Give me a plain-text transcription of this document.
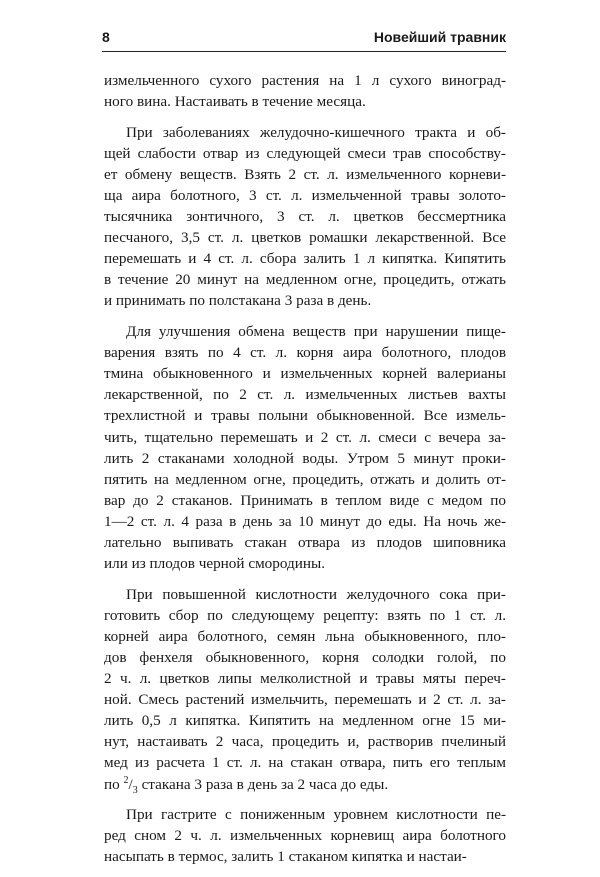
8	Новейший травник
измельченного сухого растения на 1 л сухого виноград-
ного вина. Настаивать в течение месяца.
При заболеваниях желудочно-кишечного тракта и об-
щей слабости отвар из следующей смеси трав способству-
ет обмену веществ. Взять 2 ст. л. измельченного корневи-
ща аира болотного, 3 ст. л. измельченной травы золото-
тысячника зонтичного, 3 ст. л. цветков бессмертника
песчаного, 3,5 ст. л. цветков ромашки лекарственной. Все
перемешать и 4 ст. л. сбора залить 1 л кипятка. Кипятить
в течение 20 минут на медленном огне, процедить, отжать
и принимать по полстакана 3 раза в день.
Для улучшения обмена веществ при нарушении пище-
варения взять по 4 ст. л. корня аира болотного, плодов
тмина обыкновенного и измельченных корней валерианы
лекарственной, по 2 ст. л. измельченных листьев вахты
трехлистной и травы полыни обыкновенной. Все измель-
чить, тщательно перемешать и 2 ст. л. смеси с вечера за-
лить 2 стаканами холодной воды. Утром 5 минут прoки-
пятить на медленном огне, процедить, отжать и долить от-
вар до 2 стаканов. Принимать в теплом виде с медом по
1—2 ст. л. 4 раза в день за 10 минут до еды. На ночь же-
лательно выпивать стакан отвара из плодов шиповника
или из плодов черной смородины.
При повышенной кислотности желудочного сока при-
готовить сбор по следующему рецепту: взять по 1 ст. л.
корней аира болотного, семян льна обыкновенного, пло-
дов фенхеля обыкновенного, корня солодки голой, по
2 ч. л. цветков липы мелколистной и травы мяты переч-
ной. Смесь растений измельчить, перемешать и 2 ст. л. за-
лить 0,5 л кипятка. Кипятить на медленном огне 15 ми-
нут, настаивать 2 часа, процедить и, растворив пчелиный
мед из расчета 1 ст. л. на стакан отвара, пить его теплым
по $^2/_3$ стакана 3 раза в день за 2 часа до еды.
При гастрите с пониженным уровнем кислотности пе-
ред сном 2 ч. л. измельченных корневищ аира болотного
насыпать в термос, залить 1 стаканом кипятка и настаи-
